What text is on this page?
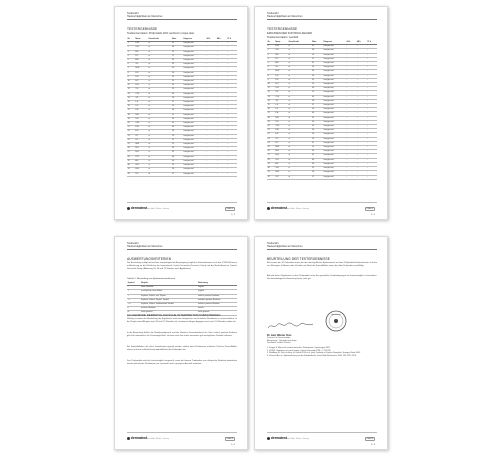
Testbericht
Hautverträglichkeit am Menschen
TESTERGEBNISSE
Testkonzentration: Prüfprodukt 20% verdünnt in Aqua dest.
Nr.	Name	Geschlecht	Alter	Diagnose	24 h	48 h	72 h
1	E.M.	w	45	hautgesund	-	-	-
2	S.H.	w	38	hautgesund	-	-	-
3	B.K.	m	52	hautgesund	-	-	-
4	R.T.	w	27	hautgesund	-	-	-
5	A.B.	w	61	hautgesund	-	-	-
6	G.L.	m	33	hautgesund	-	-	-
7	M.W.	w	49	hautgesund	-	-	-
8	K.S.	w	56	hautgesund	-	-	-
9	D.F.	m	41	hautgesund	-	-	-
10	H.P.	w	35	hautgesund	-	-	-
11	U.N.	w	63	hautgesund	-	-	-
12	T.R.	m	29	hautgesund	-	-	-
13	C.M.	w	44	hautgesund	-	-	-
14	J.K.	w	58	hautgesund	-	-	-
15	L.S.	m	37	hautgesund	-	-	-
16	I.G.	w	50	hautgesund	-	-	-
17	P.H.	w	46	hautgesund	-	-	-
18	N.B.	m	31	hautgesund	-	-	-
19	V.D.	w	54	hautgesund	-	-	-
20	O.M.	w	42	hautgesund	-	-	-
21	F.W.	m	60	hautgesund	-	-	-
22	E.K.	w	26	hautgesund	-	-	-
23	S.T.	w	39	hautgesund	-	-	-
24	R.L.	w	47	hautgesund	-	-	-
25	W.A.	m	55	hautgesund	-	-	-
26	M.S.	w	34	hautgesund	-	-	-
27	B.H.	w	62	hautgesund	-	-	-
28	K.R.	m	48	hautgesund	-	-	-
29	A.F.	w	40	hautgesund	-	-	-
30	G.N.	w	53	hautgesund	-	-	-
31	H.M.	w	28	hautgesund	-	-	-
32	S.P.	m	57	hautgesund	-	-	-
dermatest
Dermatest GmbH · Münster · Germany	DAkkS
3 / 5
Testbericht
Hautverträglichkeit am Menschen
TESTERGEBNISSE
ERFASSEN DER KONTROLLFELDER
Testkonzentration: Leerfeld
Nr.	Name	Geschlecht	Alter	Diagnose	24 h	48 h	72 h
1	E.M.	w	45	hautgesund	-	-	-
2	S.H.	w	38	hautgesund	-	-	-
3	B.K.	m	52	hautgesund	-	-	-
4	R.T.	w	27	hautgesund	-	-	-
5	A.B.	w	61	hautgesund	-	-	-
6	G.L.	m	33	hautgesund	-	-	-
7	M.W.	w	49	hautgesund	-	-	-
8	K.S.	w	56	hautgesund	-	-	-
9	D.F.	m	41	hautgesund	-	-	-
10	H.P.	w	35	hautgesund	-	-	-
11	U.N.	w	63	hautgesund	-	-	-
12	T.R.	m	29	hautgesund	-	-	-
13	C.M.	w	44	hautgesund	-	-	-
14	J.K.	w	58	hautgesund	-	-	-
15	L.S.	m	37	hautgesund	-	-	-
16	I.G.	w	50	hautgesund	-	-	-
17	P.H.	w	46	hautgesund	-	-	-
18	N.B.	m	31	hautgesund	-	-	-
19	V.D.	w	54	hautgesund	-	-	-
20	O.M.	w	42	hautgesund	-	-	-
21	F.W.	m	60	hautgesund	-	-	-
22	E.K.	w	26	hautgesund	-	-	-
23	S.T.	w	39	hautgesund	-	-	-
24	R.L.	w	47	hautgesund	-	-	-
25	W.A.	m	55	hautgesund	-	-	-
26	M.S.	w	34	hautgesund	-	-	-
27	B.H.	w	62	hautgesund	-	-	-
28	K.R.	m	48	hautgesund	-	-	-
29	A.F.	w	40	hautgesund	-	-	-
30	G.N.	w	53	hautgesund	-	-	-
31	H.M.	w	28	hautgesund	-	-	-
32	S.P.	m	57	hautgesund	-	-	-
dermatest
Dermatest GmbH · Münster · Germany	DAkkS
4 / 5
Testbericht
Hautverträglichkeit am Menschen
AUSWERTUNGSKRITERIEN
Die Beurteilung erfolgt anhand der morphologischen Ausprägung möglicher Hautreaktionen nach den ICDRG-Kriterien in Anlehnung an die Richtlinien der International Contact Dermatitis Research Group und der North American Contact Dermatitis Group (Ablesung 24, 48 und 72 Stunden nach Applikation).
Tabelle 1: Beurteilung von Epikutantestreaktionen
Symbol	Morphe	Bedeutung
-	keine Reaktion	negativ
?	nur Erythem, kein Infiltrat	fraglich
+	Erythem, Infiltrat, evtl. Papeln	einfach positive Reaktion
++	Erythem, Infiltrat, Papeln, Vesikel	zweifach positive Reaktion
+++	Erythem, Infiltrat, konfluierende Vesikel	dreifach positive Reaktion
ir	irritative Reaktion	irritativ
nt	nicht getestet	nicht getestet
ALLGEMEINE DERMATOLOGISCHE INTERPRETATIONSKRITERIEN
Wichtig ist neben der Beurteilung der Ergebnisse zwischen allergischen und irritativen Reaktionen zu unterscheiden. In der Regel treten Allergien nach 48 und 72 Stunden auf, Irritationen klingen dagegen meist nach 24 Stunden wieder ab.
In die Bewertung fließen die Reaktionsdynamik und der klinische Gesamteindruck ein. Eine einfach positive Reaktion gilt nicht automatisch als Unverträglichkeit; sie kann auch bei einem ansonsten gut verträglichen Produkt auftreten.
Bei Kontrollfeldern, die ohne Testsubstanz geprüft wurden, dürfen keine Reaktionen auftreten. Positive Kontrollfelder weisen auf eine erhöhte Hautempfindlichkeit des Probanden hin.
Das Prüfprodukt wird als hautverträglich eingestuft, wenn bei keinem Probanden eine allergische Reaktion beobachtet wurde und irritative Reaktionen nur vereinzelt und in geringem Ausmaß auftraten.
dermatest
Dermatest GmbH · Münster · Germany	DAkkS
5 / 5
Testbericht
Hautverträglichkeit am Menschen
BEURTEILUNG DER TESTERGEBNISSE
Bei keinem der 32 Probanden traten bei den durchgeführten Epikutantests mit dem Prüfprodukt Hautreaktionen in Form von Rötungen, Infiltraten oder Vesikeln auf. Auch die Kontrollfelder waren bei allen Probanden unauffällig.
Anhand dieser Ergebnisse ist das Prüfprodukt unter den gewählten Testbedingungen als hautverträglich zu beurteilen. Die dermatologische Bewertung lautet: sehr gut.
dermatest
Dr. med. Werner Voss
Facharzt für Dermatologie
Allergologie · Berufsdermatologie
Dermatest GmbH, Münster
1. Fregert S: Manual of contact dermatitis. Munksgaard, Copenhagen 1981.
2. ICDRG: Guidelines for patch testing. Contact Dermatitis 1981; 7: 221-226.
3. Wahlberg JE: Patch testing. In: Rycroft RJG et al. (eds) Textbook of Contact Dermatitis. Springer, Berlin 2001.
4. Schnuch A et al.: Epikutantestung mit der Standardreihe. Dtsch Med Wochenschr 2008; 133: 2071-2076.
dermatest
Dermatest GmbH · Münster · Germany	DAkkS
6 / 6
